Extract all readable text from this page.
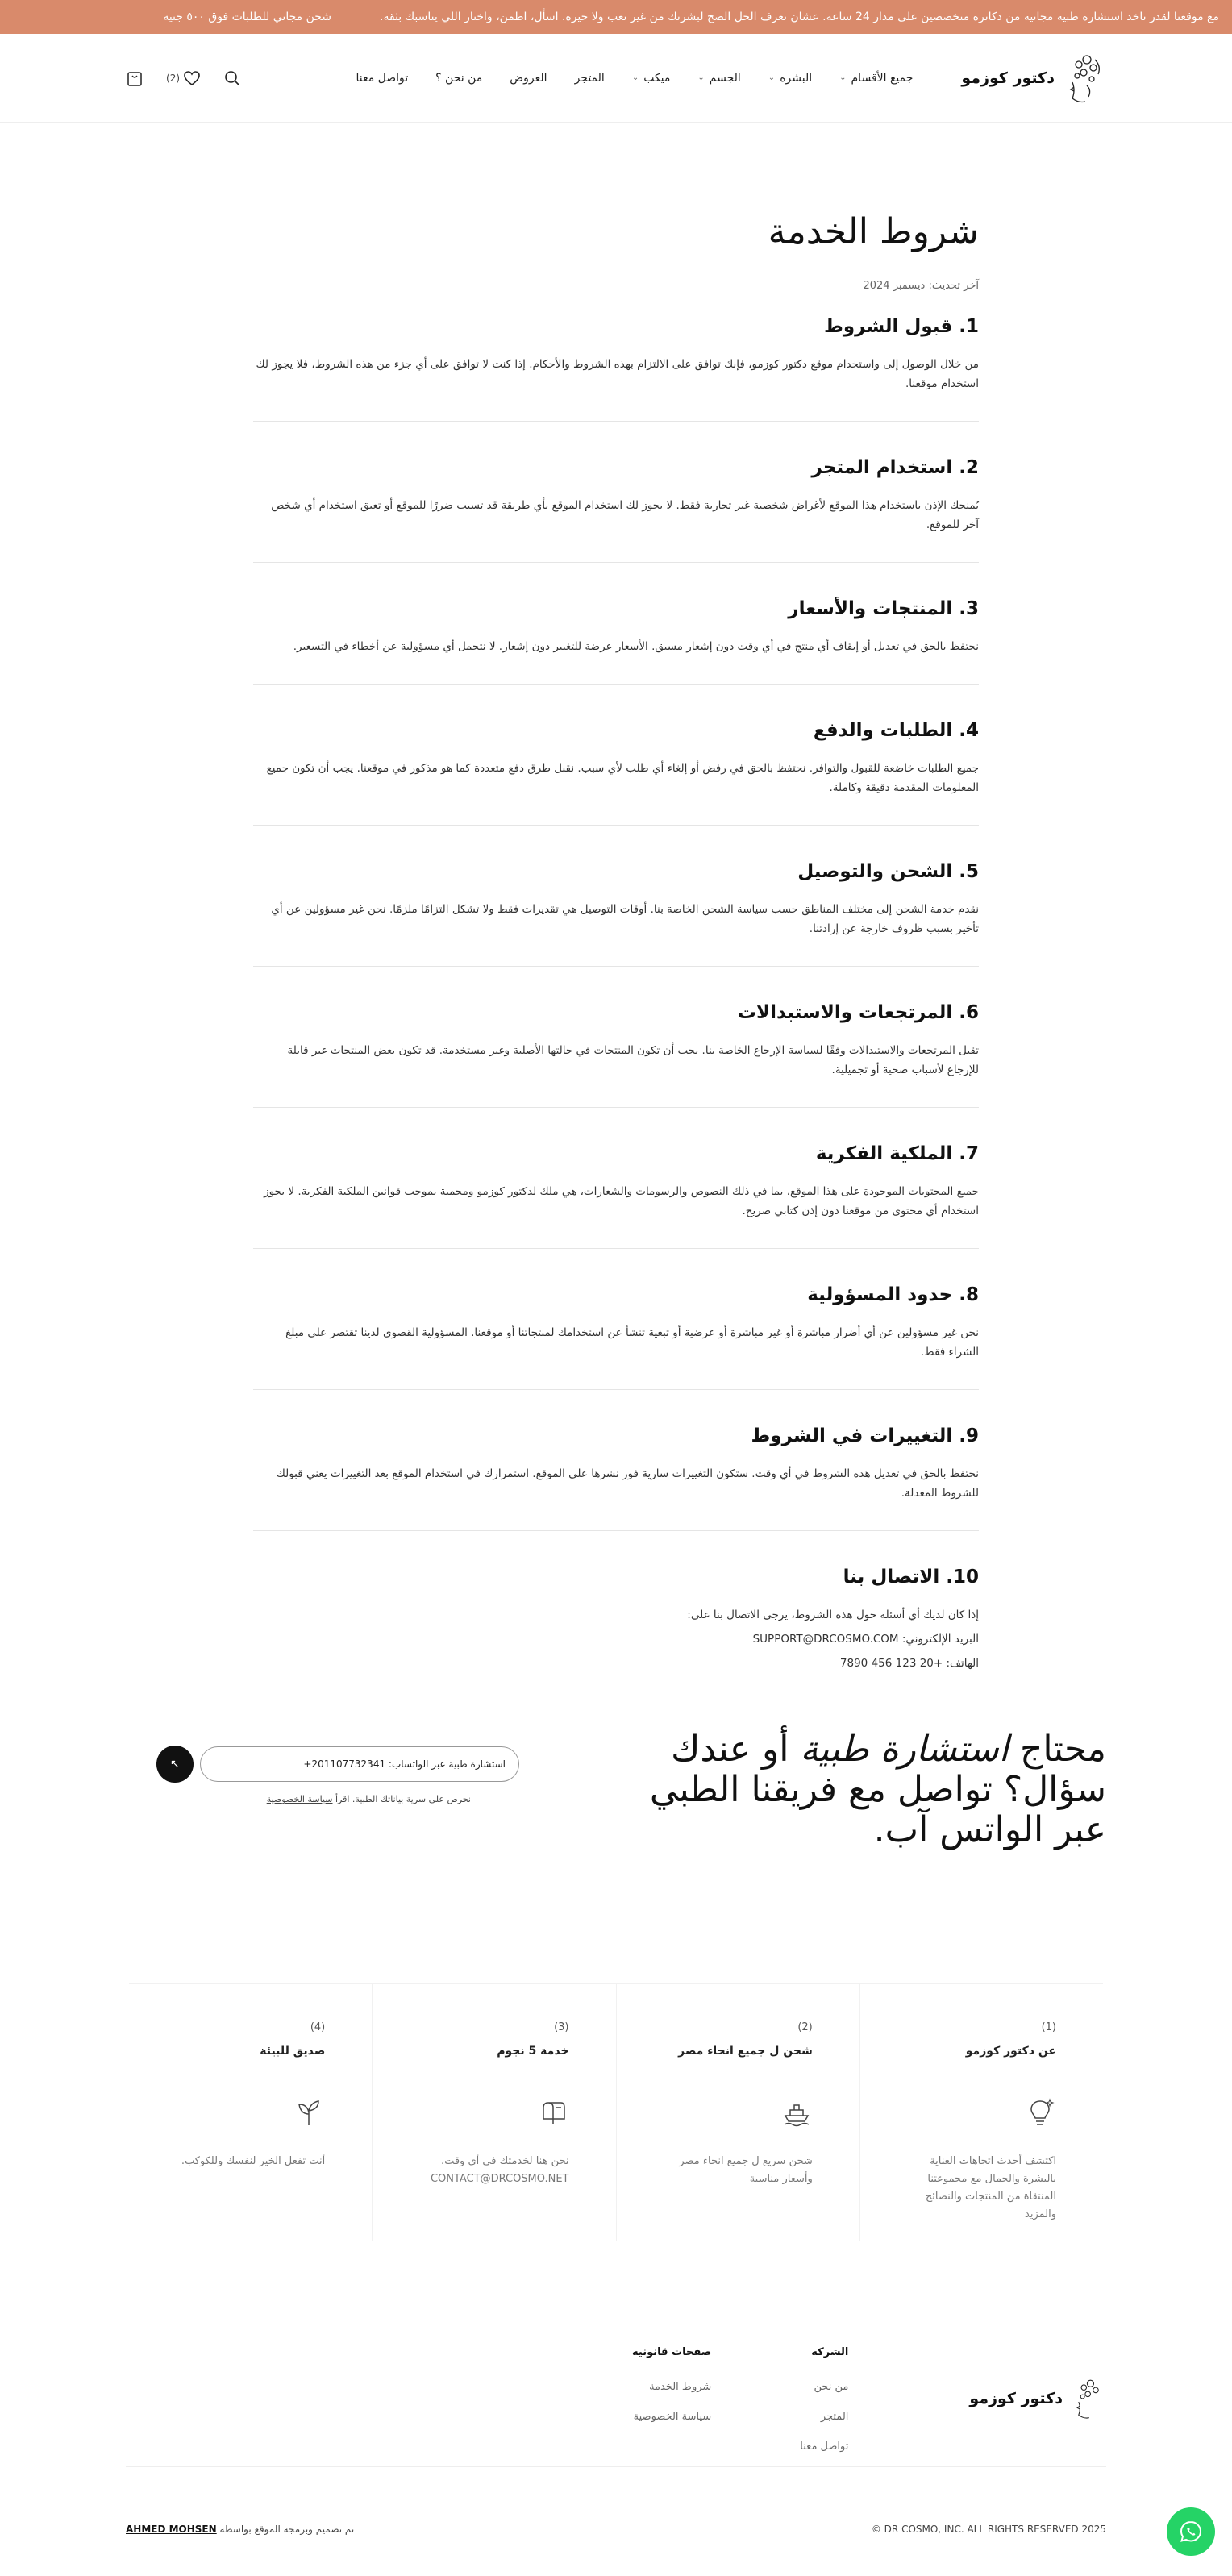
مع موقعنا لقدر تاخد استشارة طبية مجانية من دكاترة متخصصين على مدار 24 ساعة. عشان تعرف الحل الصح لبشرتك من غير تعب ولا حيرة. اسأل، اطمن، واختار اللي يناسبك بثقة.
شحن مجاني للطلبات فوق ٥٠٠ جنيه
دكتور كوزمو
جميع الأقسام
⌄
البشره
⌄
الجسم
⌄
ميكب
⌄
المتجر
العروض
من نحن ؟
تواصل معنا
(2)
شروط الخدمة
آخر تحديث: ديسمبر 2024
1. قبول الشروط

من خلال الوصول إلى واستخدام موقع دكتور كوزمو، فإنك توافق على الالتزام بهذه الشروط والأحكام. إذا كنت لا توافق على أي جزء من هذه الشروط، فلا يجوز لك استخدام موقعنا.

2. استخدام المتجر

يُمنحك الإذن باستخدام هذا الموقع لأغراض شخصية غير تجارية فقط. لا يجوز لك استخدام الموقع بأي طريقة قد تسبب ضررًا للموقع أو تعيق استخدام أي شخص آخر للموقع.

3. المنتجات والأسعار

نحتفظ بالحق في تعديل أو إيقاف أي منتج في أي وقت دون إشعار مسبق. الأسعار عرضة للتغيير دون إشعار. لا نتحمل أي مسؤولية عن أخطاء في التسعير.

4. الطلبات والدفع

جميع الطلبات خاضعة للقبول والتوافر. نحتفظ بالحق في رفض أو إلغاء أي طلب لأي سبب. نقبل طرق دفع متعددة كما هو مذكور في موقعنا. يجب أن تكون جميع المعلومات المقدمة دقيقة وكاملة.

5. الشحن والتوصيل

نقدم خدمة الشحن إلى مختلف المناطق حسب سياسة الشحن الخاصة بنا. أوقات التوصيل هي تقديرات فقط ولا تشكل التزامًا ملزمًا. نحن غير مسؤولين عن أي تأخير بسبب ظروف خارجة عن إرادتنا.

6. المرتجعات والاستبدالات

تقبل المرتجعات والاستبدالات وفقًا لسياسة الإرجاع الخاصة بنا. يجب أن تكون المنتجات في حالتها الأصلية وغير مستخدمة. قد تكون بعض المنتجات غير قابلة للإرجاع لأسباب صحية أو تجميلية.

7. الملكية الفكرية

جميع المحتويات الموجودة على هذا الموقع، بما في ذلك النصوص والرسومات والشعارات، هي ملك لدكتور كوزمو ومحمية بموجب قوانين الملكية الفكرية. لا يجوز استخدام أي محتوى من موقعنا دون إذن كتابي صريح.

8. حدود المسؤولية

نحن غير مسؤولين عن أي أضرار مباشرة أو غير مباشرة أو عرضية أو تبعية تنشأ عن استخدامك لمنتجاتنا أو موقعنا. المسؤولية القصوى لدينا تقتصر على مبلغ الشراء فقط.

9. التغييرات في الشروط

نحتفظ بالحق في تعديل هذه الشروط في أي وقت. ستكون التغييرات سارية فور نشرها على الموقع. استمرارك في استخدام الموقع بعد التغييرات يعني قبولك للشروط المعدلة.

10. الاتصال بنا

إذا كان لديك أي أسئلة حول هذه الشروط، يرجى الاتصال بنا على:

البريد الإلكتروني: SUPPORT@DRCOSMO.COM

الهاتف: +20 123 456 7890

محتاج استشارة طبية أو عندك سؤال؟ تواصل مع فريقنا الطبي عبر الواتس آب.
استشارة طبية عبر الواتساب: 201107732341+
↖
نحرص على سرية بياناتك الطبية. اقرأ سياسة الخصوصية
(1)
عن دكتور كوزمو
اكتشف أحدث اتجاهات العناية بالبشرة والجمال مع مجموعتنا المنتقاة من المنتجات والنصائح والمزيد
(2)
شحن ل جميع انحاء مصر
شحن سريع ل جميع انحاء مصر وأسعار مناسبة
(3)
خدمة 5 نجوم
نحن هنا لخدمتك في أي وقت.
CONTACT@DRCOSMO.NET
(4)
صديق للبيئة
أنت تفعل الخير لنفسك وللكوكب.
دكتور كوزمو
الشركه
من نحن
المتجر
تواصل معنا
صفحات قانونيه
شروط الخدمة
سياسة الخصوصية
DR COSMO, INC. ALL RIGHTS RESERVED 2025 ©
تم تصميم وبرمجه الموقع بواسطه AHMED MOHSEN
